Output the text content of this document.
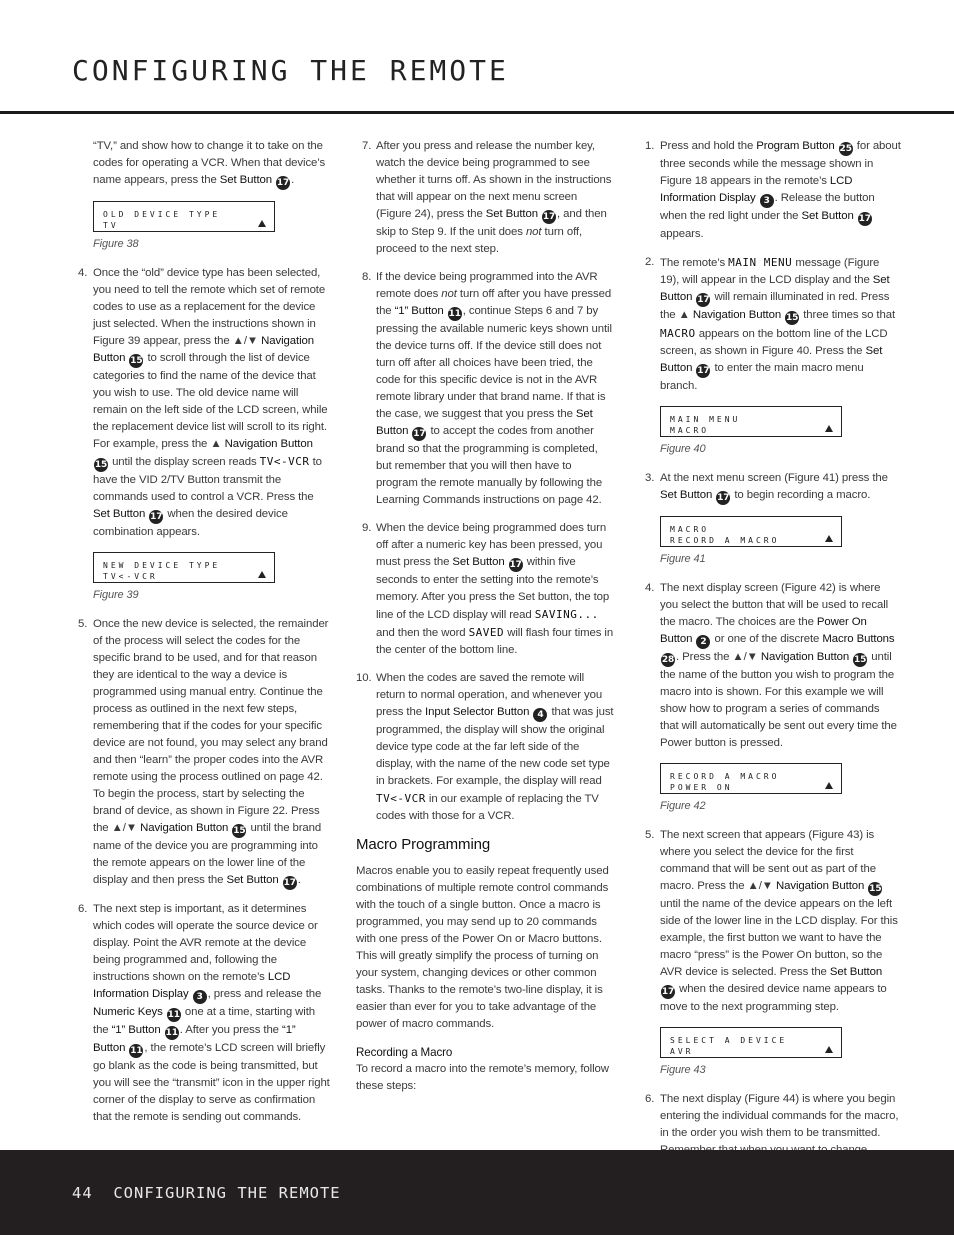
CONFIGURING THE REMOTE
“TV,” and show how to change it to take on the codes for operating a VCR. When that device’s name appears, press the Set Button 17 .
OLD DEVICE TYPE
TV
Figure 38
4. Once the “old” device type has been selected, you need to tell the remote which set of remote codes to use as a replacement for the device just selected. When the instructions shown in Figure 39 appear, press the ▲/▼ Navigation Button 15 to scroll through the list of device categories to find the name of the device that you wish to use. The old device name will remain on the left side of the LCD screen, while the replacement device list will scroll to its right. For example, press the ▲ Navigation Button 15 until the display screen reads TV<-VCR to have the VID 2/TV Button transmit the commands used to control a VCR. Press the Set Button 17 when the desired device combination appears.
NEW DEVICE TYPE
TV<-VCR
Figure 39
5. Once the new device is selected, the remainder of the process will select the codes for the specific brand to be used, and for that reason they are identical to the way a device is programmed using manual entry. Continue the process as outlined in the next few steps, remembering that if the codes for your specific device are not found, you may select any brand and then “learn” the proper codes into the AVR remote using the process outlined on page 42. To begin the process, start by selecting the brand of device, as shown in Figure 22. Press the ▲/▼ Navigation Button 15 until the brand name of the device you are programming into the remote appears on the lower line of the display and then press the Set Button 17 .
6. The next step is important, as it determines which codes will operate the source device or display. Point the AVR remote at the device being programmed and, following the instructions shown on the remote’s LCD Information Display 3 , press and release the Numeric Keys 11 one at a time, starting with the “1” Button 11 . After you press the “1” Button 11 , the remote’s LCD screen will briefly go blank as the code is being transmitted, but you will see the “transmit” icon in the upper right corner of the display to serve as confirmation that the remote is sending out commands.
7. After you press and release the number key, watch the device being programmed to see whether it turns off. As shown in the instructions that will appear on the next menu screen (Figure 24), press the Set Button 17 , and then skip to Step 9. If the unit does not turn off, proceed to the next step.
8. If the device being programmed into the AVR remote does not turn off after you have pressed the “1” Button 11 , continue Steps 6 and 7 by pressing the available numeric keys shown until the device turns off. If the device still does not turn off after all choices have been tried, the code for this specific device is not in the AVR remote library under that brand name. If that is the case, we suggest that you press the Set Button 17 to accept the codes from another brand so that the programming is completed, but remember that you will then have to program the remote manually by following the Learning Commands instructions on page 42.
9. When the device being programmed does turn off after a numeric key has been pressed, you must press the Set Button 17 within five seconds to enter the setting into the remote’s memory. After you press the Set button, the top line of the LCD display will read SAVING... and then the word SAVED will flash four times in the center of the bottom line.
10. When the codes are saved the remote will return to normal operation, and whenever you press the Input Selector Button 4 that was just programmed, the display will show the original device type code at the far left side of the display, with the name of the new code set type in brackets. For example, the display will read TV<-VCR in our example of replacing the TV codes with those for a VCR.
Macro Programming

Macros enable you to easily repeat frequently used combinations of multiple remote control commands with the touch of a single button. Once a macro is programmed, you may send up to 20 commands with one press of the Power On or Macro buttons. This will greatly simplify the process of turning on your system, changing devices or other common tasks. Thanks to the remote’s two-line display, it is easier than ever for you to take advantage of the power of macro commands.

Recording a Macro

To record a macro into the remote’s memory, follow these steps:

1. Press and hold the Program Button 25 for about three seconds while the message shown in Figure 18 appears in the remote’s LCD Information Display 3 . Release the button when the red light under the Set Button 17 appears.
2. The remote’s MAIN MENU message (Figure 19), will appear in the LCD display and the Set Button 17 will remain illuminated in red. Press the ▲ Navigation Button 15 three times so that MACRO appears on the bottom line of the LCD screen, as shown in Figure 40. Press the Set Button 17 to enter the main macro menu branch.
MAIN MENU
MACRO
Figure 40
3. At the next menu screen (Figure 41) press the Set Button 17 to begin recording a macro.
MACRO
RECORD A MACRO
Figure 41
4. The next display screen (Figure 42) is where you select the button that will be used to recall the macro. The choices are the Power On Button 2 or one of the discrete Macro Buttons 28 . Press the ▲/▼ Navigation Button 15 until the name of the button you wish to program the macro into is shown. For this example we will show how to program a series of commands that will automatically be sent out every time the Power button is pressed.
RECORD A MACRO
POWER ON
Figure 42
5. The next screen that appears (Figure 43) is where you select the device for the first command that will be sent out as part of the macro. Press the ▲/▼ Navigation Button 15 until the name of the device appears on the left side of the lower line in the LCD display. For this example, the first button we want to have the macro “press” is the Power On button, so the AVR device is selected. Press the Set Button 17 when the desired device name appears to move to the next programming step.
SELECT A DEVICE
AVR
Figure 43
6. The next display (Figure 44) is where you begin entering the individual commands for the macro, in the order you wish them to be transmitted.
44 CONFIGURING THE REMOTE
